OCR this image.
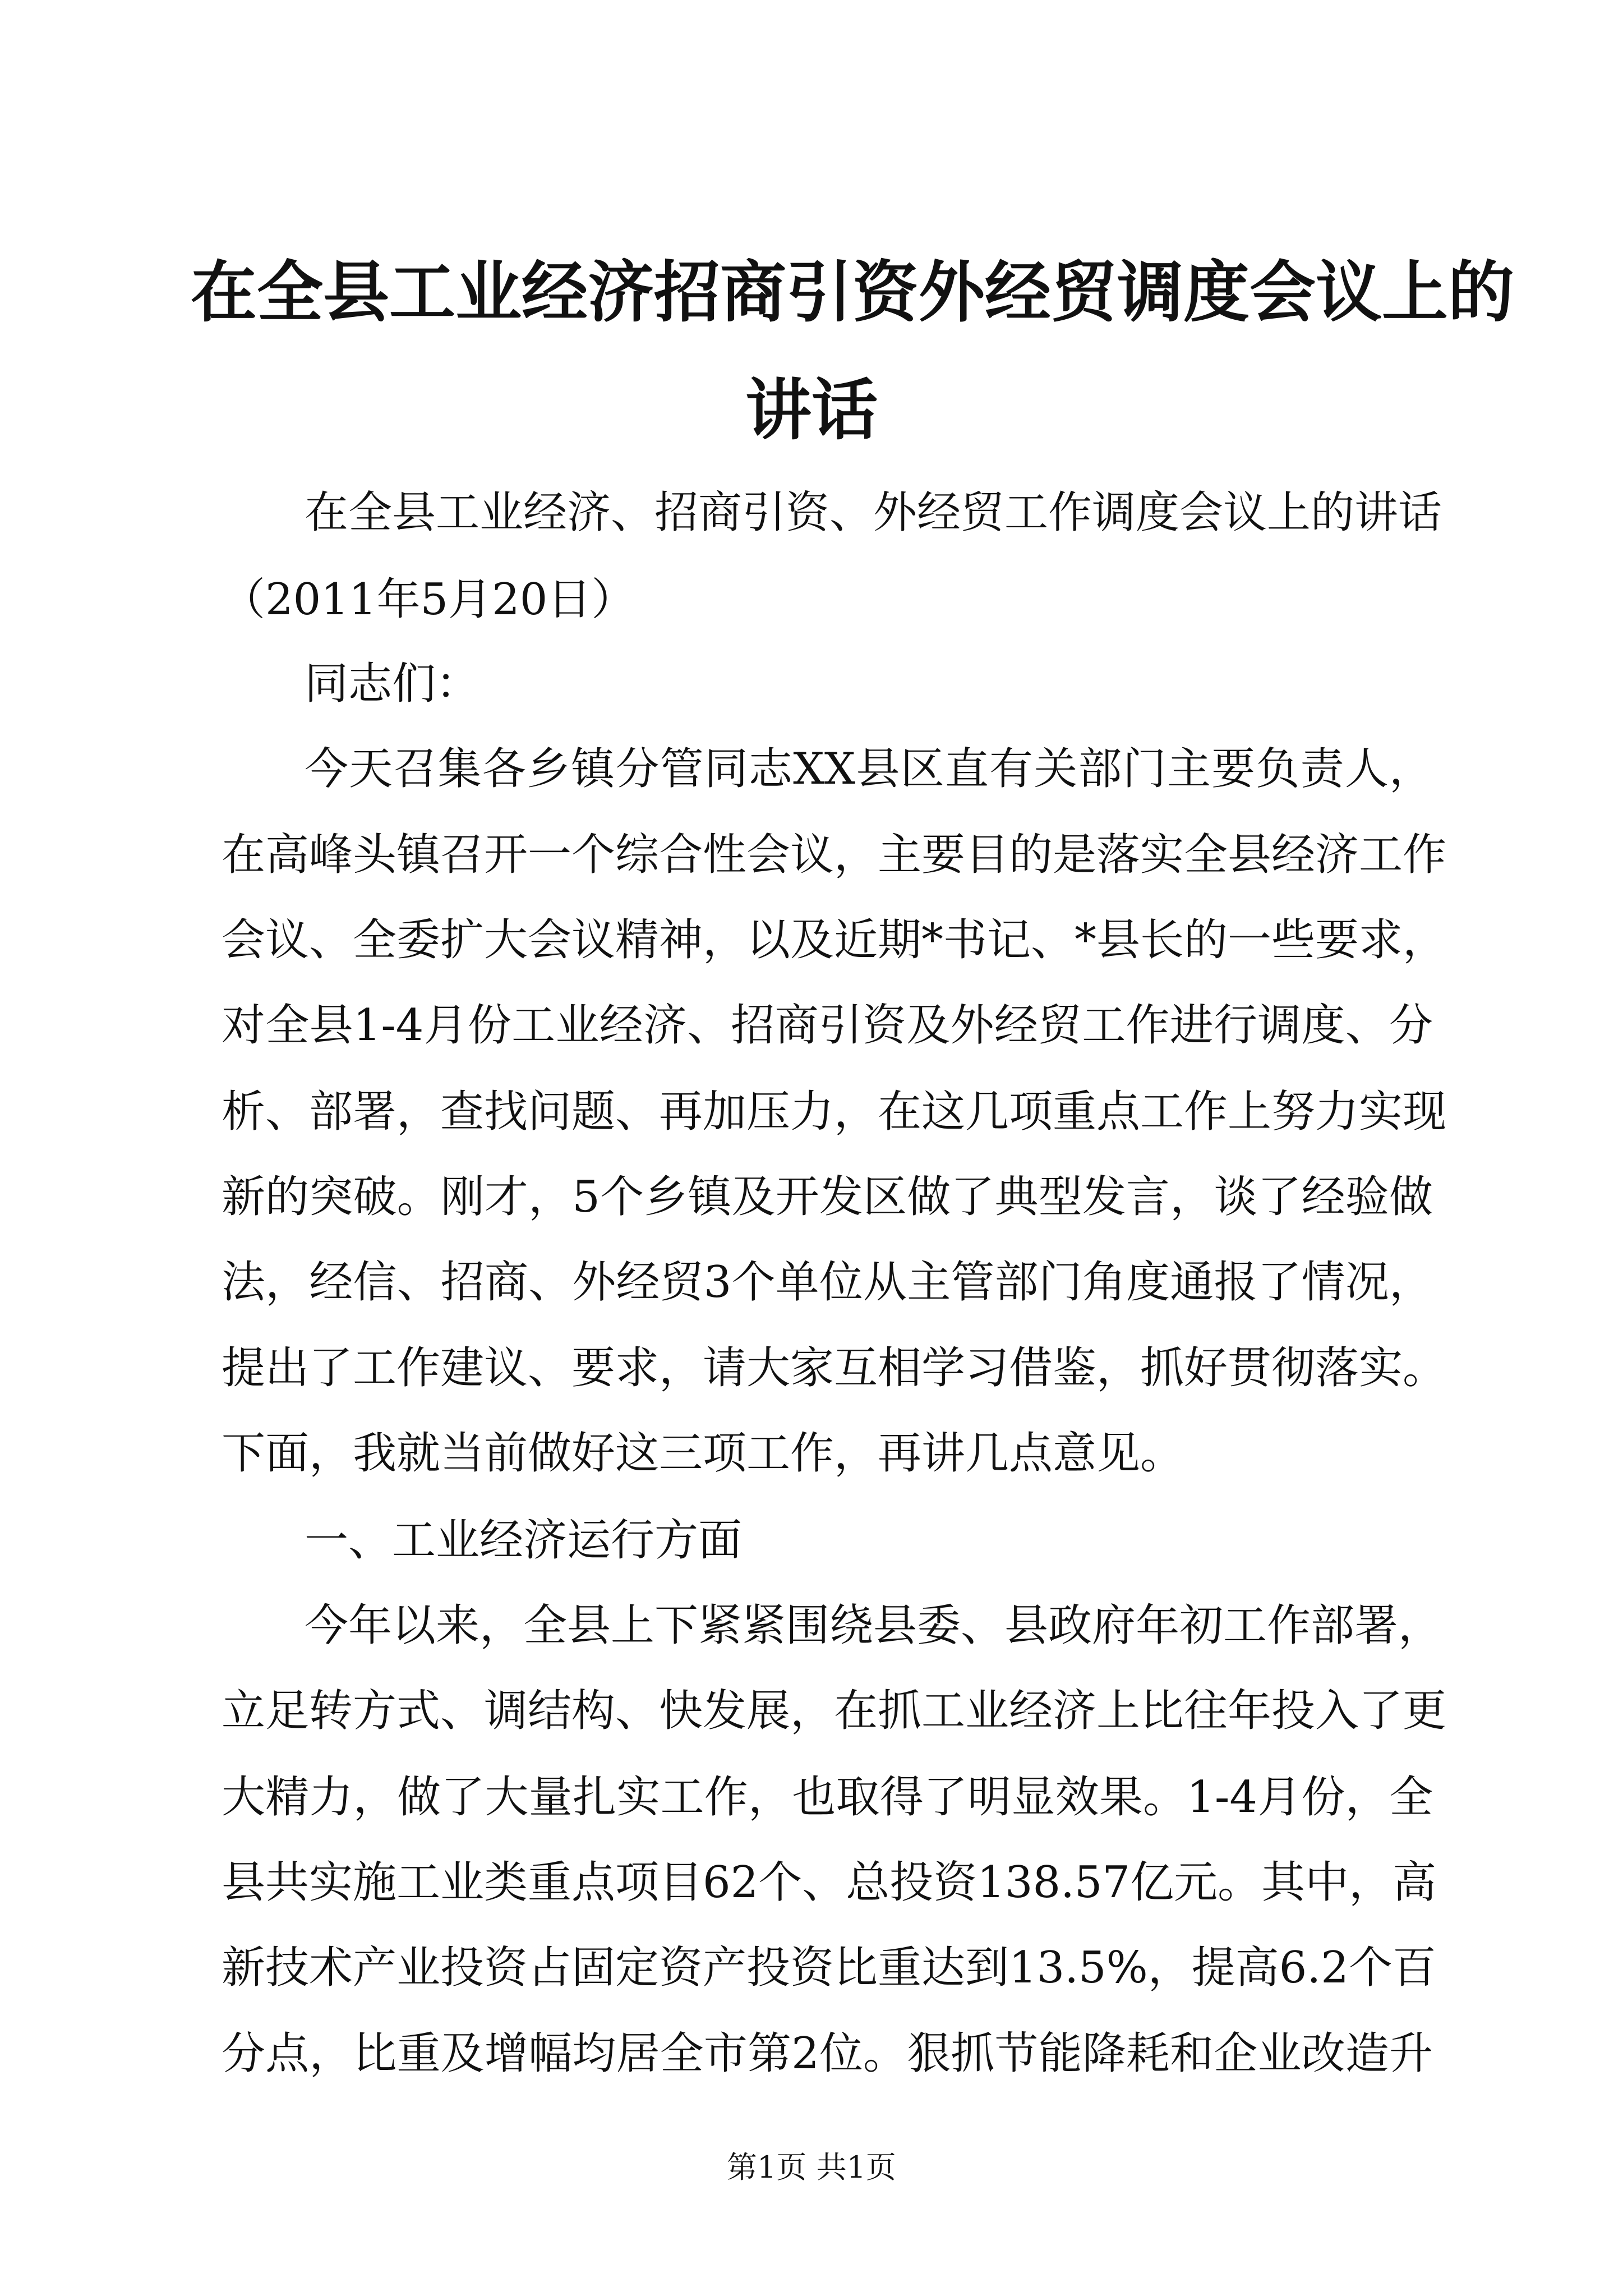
在全县工业经济招商引资外经贸调度会议上的
讲话

在全县工业经济、招商引资、外经贸工作调度会议上的讲话

（2011年5月20日）

同志们：

今天召集各乡镇分管同志XX县区直有关部门主要负责人，

在高峰头镇召开一个综合性会议，主要目的是落实全县经济工作

会议、全委扩大会议精神，以及近期*书记、*县长的一些要求，

对全县1-4月份工业经济、招商引资及外经贸工作进行调度、分

析、部署，查找问题、再加压力，在这几项重点工作上努力实现

新的突破。刚才，5个乡镇及开发区做了典型发言，谈了经验做

法，经信、招商、外经贸3个单位从主管部门角度通报了情况，

提出了工作建议、要求，请大家互相学习借鉴，抓好贯彻落实。

下面，我就当前做好这三项工作，再讲几点意见。

一、工业经济运行方面

今年以来，全县上下紧紧围绕县委、县政府年初工作部署，

立足转方式、调结构、快发展，在抓工业经济上比往年投入了更

大精力，做了大量扎实工作，也取得了明显效果。1-4月份，全

县共实施工业类重点项目62个、总投资138.57亿元。其中，高

新技术产业投资占固定资产投资比重达到13.5%，提高6.2个百

分点，比重及增幅均居全市第2位。狠抓节能降耗和企业改造升

第1页 共1页
